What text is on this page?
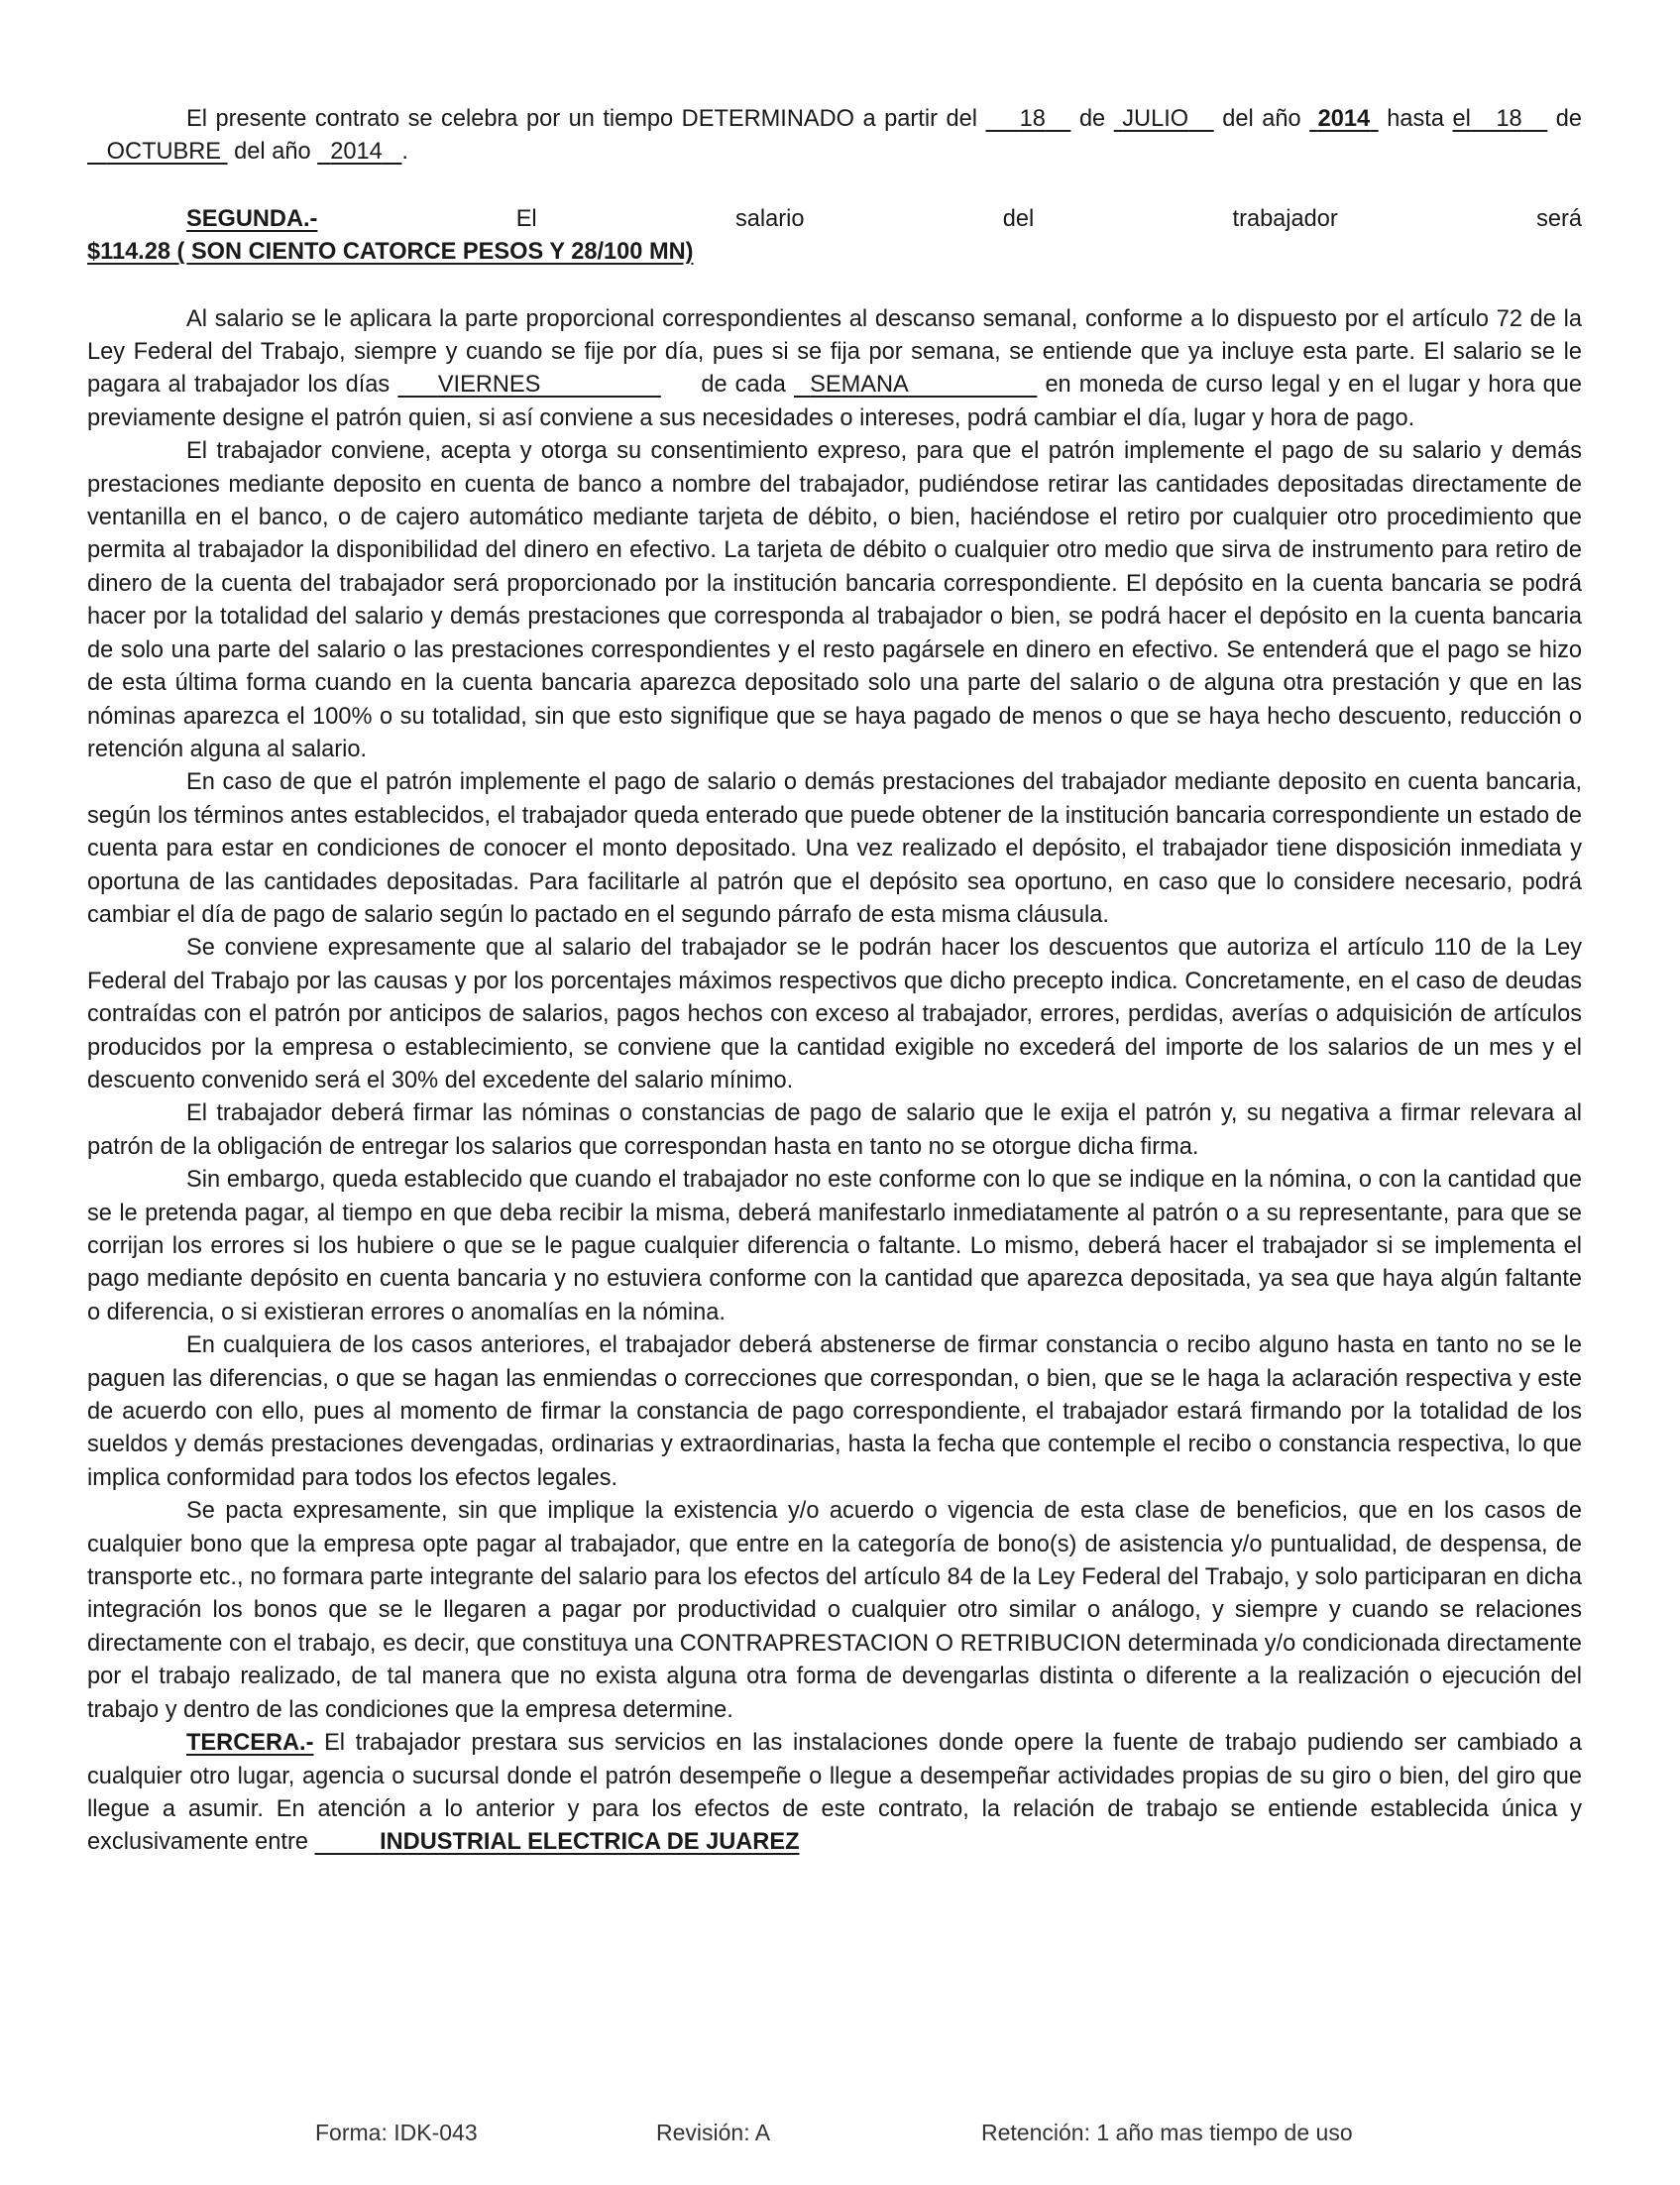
El presente contrato se celebra por un tiempo DETERMINADO a partir del 18 de JULIO del año 2014 hasta el 18 de    OCTUBRE del año 2014 .

SEGUNDA.-	El	salario	del	trabajador	será

$114.28 ( SON CIENTO CATORCE PESOS Y 28/100 MN)

Al salario se le aplicara la parte proporcional correspondientes al descanso semanal, conforme a lo dispuesto por el artículo 72 de la Ley Federal del Trabajo, siempre y cuando se fije por día, pues si se fija por semana, se entiende que ya incluye esta parte. El salario se le pagara al trabajador los días VIERNES	de cada SEMANA	en moneda de curso legal y en el lugar y hora que previamente designe el patrón quien, si así conviene a sus necesidades o intereses, podrá cambiar el día, lugar y hora de pago.

El trabajador conviene, acepta y otorga su consentimiento expreso, para que el patrón implemente el pago de su salario y demás prestaciones mediante deposito en cuenta de banco a nombre del trabajador, pudiéndose retirar las cantidades depositadas directamente de ventanilla en el banco, o de cajero automático mediante tarjeta de débito, o bien, haciéndose el retiro por cualquier otro procedimiento que permita al trabajador la disponibilidad del dinero en efectivo. La tarjeta de débito o cualquier otro medio que sirva de instrumento para retiro de dinero de la cuenta del trabajador será proporcionado por la institución bancaria correspondiente. El depósito en la cuenta bancaria se podrá hacer por la totalidad del salario y demás prestaciones que corresponda al trabajador o bien, se podrá hacer el depósito en la cuenta bancaria de solo una parte del salario o las prestaciones correspondientes y el resto pagársele en dinero en efectivo. Se entenderá que el pago se hizo de esta última forma cuando en la cuenta bancaria aparezca depositado solo una parte del salario o de alguna otra prestación y que en las nóminas aparezca el 100% o su totalidad, sin que esto signifique que se haya pagado de menos o que se haya hecho descuento, reducción o retención alguna al salario.

En caso de que el patrón implemente el pago de salario o demás prestaciones del trabajador mediante deposito en cuenta bancaria, según los términos antes establecidos, el trabajador queda enterado que puede obtener de la institución bancaria correspondiente un estado de cuenta para estar en condiciones de conocer el monto depositado. Una vez realizado el depósito, el trabajador tiene disposición inmediata y oportuna de las cantidades depositadas. Para facilitarle al patrón que el depósito sea oportuno, en caso que lo considere necesario, podrá cambiar el día de pago de salario según lo pactado en el segundo párrafo de esta misma cláusula.

Se conviene expresamente que al salario del trabajador se le podrán hacer los descuentos que autoriza el artículo 110 de la Ley Federal del Trabajo por las causas y por los porcentajes máximos respectivos que dicho precepto indica. Concretamente, en el caso de deudas contraídas con el patrón por anticipos de salarios, pagos hechos con exceso al trabajador, errores, perdidas, averías o adquisición de artículos producidos por la empresa o establecimiento, se conviene que la cantidad exigible no excederá del importe de los salarios de un mes y el descuento convenido será el 30% del excedente del salario mínimo.

El trabajador deberá firmar las nóminas o constancias de pago de salario que le exija el patrón y, su negativa a firmar relevara al patrón de la obligación de entregar los salarios que correspondan hasta en tanto no se otorgue dicha firma.

Sin embargo, queda establecido que cuando el trabajador no este conforme con lo que se indique en la nómina, o con la cantidad que se le pretenda pagar, al tiempo en que deba recibir la misma, deberá manifestarlo inmediatamente al patrón o a su representante, para que se corrijan los errores si los hubiere o que se le pague cualquier diferencia o faltante. Lo mismo, deberá hacer el trabajador si se implementa el pago mediante depósito en cuenta bancaria y no estuviera conforme con la cantidad que aparezca depositada, ya sea que haya algún faltante o diferencia, o si existieran errores o anomalías en la nómina.

En cualquiera de los casos anteriores, el trabajador deberá abstenerse de firmar constancia o recibo alguno hasta en tanto no se le paguen las diferencias, o que se hagan las enmiendas o correcciones que correspondan, o bien, que se le haga la aclaración respectiva y este de acuerdo con ello, pues al momento de firmar la constancia de pago correspondiente, el trabajador estará firmando por la totalidad de los sueldos y demás prestaciones devengadas, ordinarias y extraordinarias, hasta la fecha que contemple el recibo o constancia respectiva, lo que implica conformidad para todos los efectos legales.

Se pacta expresamente, sin que implique la existencia y/o acuerdo o vigencia de esta clase de beneficios, que en los casos de cualquier bono que la empresa opte pagar al trabajador, que entre en la categoría de bono(s) de asistencia y/o puntualidad, de despensa, de transporte etc., no formara parte integrante del salario para los efectos del artículo 84 de la Ley Federal del Trabajo, y solo participaran en dicha integración los bonos que se le llegaren a pagar por productividad o cualquier otro similar o análogo, y siempre y cuando se relaciones directamente con el trabajo, es decir, que constituya una CONTRAPRESTACION O RETRIBUCION determinada y/o condicionada directamente por el trabajo realizado, de tal manera que no exista alguna otra forma de devengarlas distinta o diferente a la realización o ejecución del trabajo y dentro de las condiciones que la empresa determine.

TERCERA.- El trabajador prestara sus servicios en las instalaciones donde opere la fuente de trabajo pudiendo ser cambiado a cualquier otro lugar, agencia o sucursal donde el patrón desempeñe o llegue a desempeñar actividades propias de su giro o bien, del giro que llegue a asumir. En atención a lo anterior y para los efectos de este contrato, la relación de trabajo se entiende establecida única y exclusivamente entre	INDUSTRIAL ELECTRICA DE JUAREZ

Forma: IDK-043	Revisión: A	Retención: 1 año mas tiempo de uso
